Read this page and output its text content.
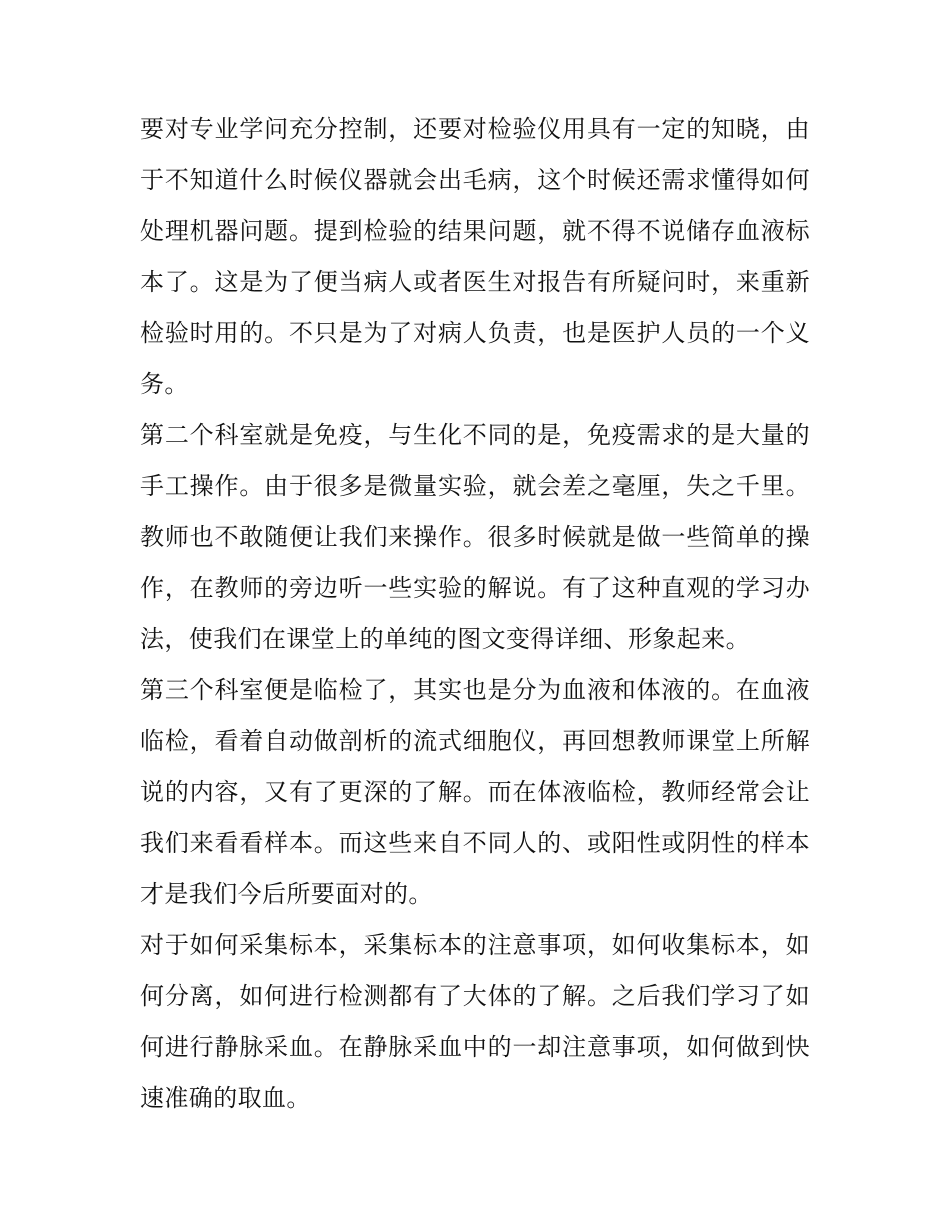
要对专业学问充分控制，还要对检验仪用具有一定的知晓，由于不知道什么时候仪器就会出毛病，这个时候还需求懂得如何处理机器问题。提到检验的结果问题，就不得不说储存血液标本了。这是为了便当病人或者医生对报告有所疑问时，来重新检验时用的。不只是为了对病人负责，也是医护人员的一个义务。

第二个科室就是免疫，与生化不同的是，免疫需求的是大量的手工操作。由于很多是微量实验，就会差之毫厘，失之千里。教师也不敢随便让我们来操作。很多时候就是做一些简单的操作，在教师的旁边听一些实验的解说。有了这种直观的学习办法，使我们在课堂上的单纯的图文变得详细、形象起来。

第三个科室便是临检了，其实也是分为血液和体液的。在血液临检，看着自动做剖析的流式细胞仪，再回想教师课堂上所解说的内容，又有了更深的了解。而在体液临检，教师经常会让我们来看看样本。而这些来自不同人的、或阳性或阴性的样本才是我们今后所要面对的。

对于如何采集标本，采集标本的注意事项，如何收集标本，如何分离，如何进行检测都有了大体的了解。之后我们学习了如何进行静脉采血。在静脉采血中的一却注意事项，如何做到快速准确的取血。
